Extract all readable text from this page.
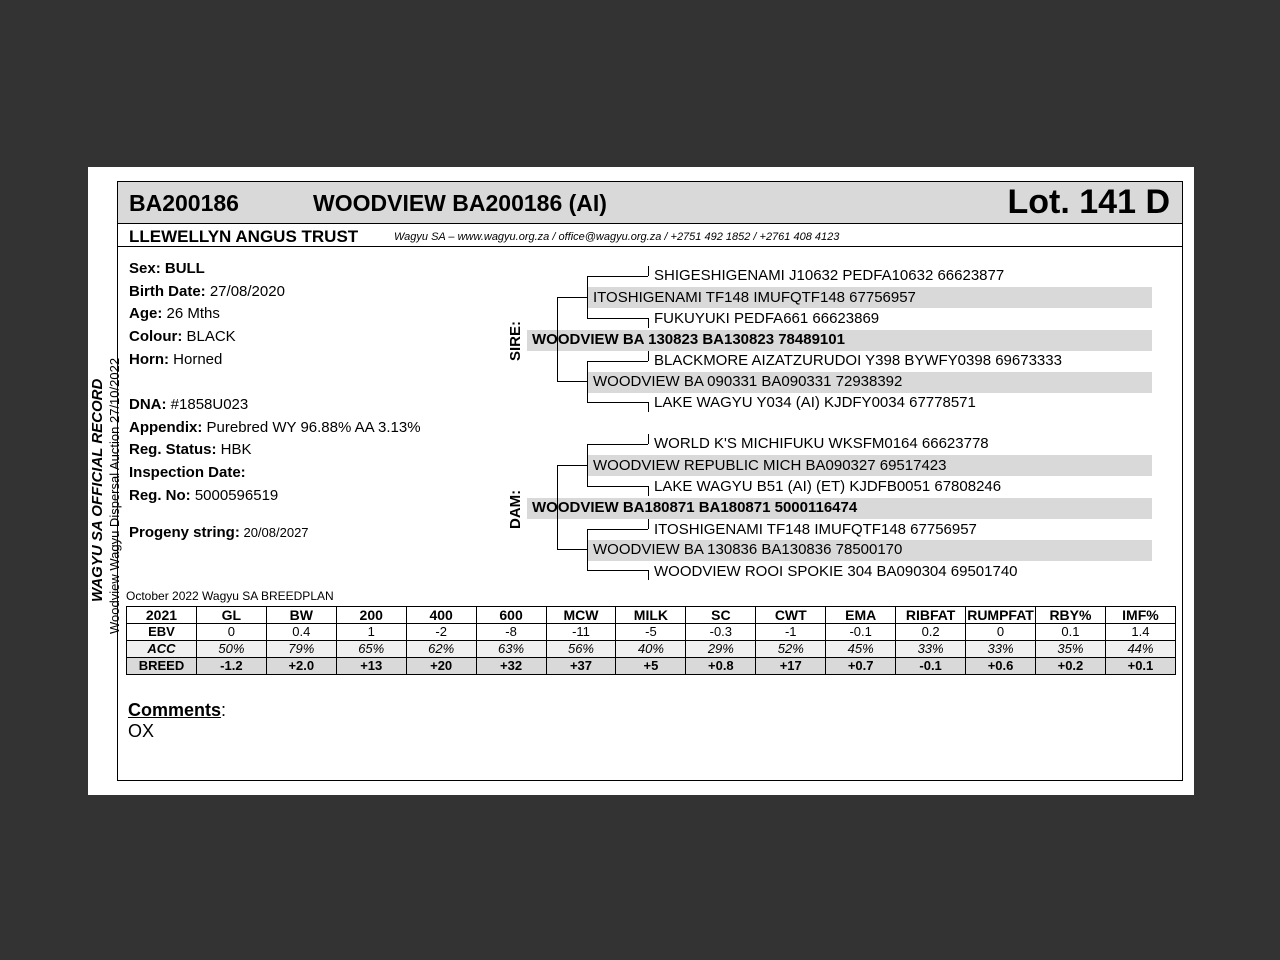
BA200186	WOODVIEW BA200186 (AI)	Lot. 141 D
LLEWELLYN ANGUS TRUST	Wagyu SA – www.wagyu.org.za / office@wagyu.org.za / +2751 492 1852 / +2761 408 4123
Sex: BULL
Birth Date: 27/08/2020
Age: 26 Mths
Colour: BLACK
Horn: Horned
DNA: #1858U023
Appendix: Purebred WY 96.88% AA 3.13%
Reg. Status: HBK
Inspection Date:
Reg. No: 5000596519
Progeny string: 20/08/2027
WAGYU SA OFFICIAL RECORD Woodview Wagyu Dispersal Auction 27/10/2022
SIRE:
DAM:
SHIGESHIGENAMI J10632 PEDFA10632 66623877
ITOSHIGENAMI TF148 IMUFQTF148 67756957
FUKUYUKI PEDFA661 66623869
WOODVIEW BA 130823 BA130823 78489101
BLACKMORE AIZATZURUDOI Y398 BYWFY0398 69673333
WOODVIEW BA 090331 BA090331 72938392
LAKE WAGYU Y034 (AI) KJDFY0034 67778571
WORLD K'S MICHIFUKU WKSFM0164 66623778
WOODVIEW REPUBLIC MICH BA090327 69517423
LAKE WAGYU B51 (AI) (ET) KJDFB0051 67808246
WOODVIEW BA180871 BA180871 5000116474
ITOSHIGENAMI TF148 IMUFQTF148 67756957
WOODVIEW BA 130836 BA130836 78500170
WOODVIEW ROOI SPOKIE 304 BA090304 69501740
October 2022 Wagyu SA BREEDPLAN
2021	GL	BW	200	400	600	MCW	MILK	SC	CWT	EMA	RIBFAT	RUMPFAT	RBY%	IMF%
EBV	0	0.4	1	-2	-8	-11	-5	-0.3	-1	-0.1	0.2	0	0.1	1.4
ACC	50%	79%	65%	62%	63%	56%	40%	29%	52%	45%	33%	33%	35%	44%
BREED	-1.2	+2.0	+13	+20	+32	+37	+5	+0.8	+17	+0.7	-0.1	+0.6	+0.2	+0.1
Comments:
OX
